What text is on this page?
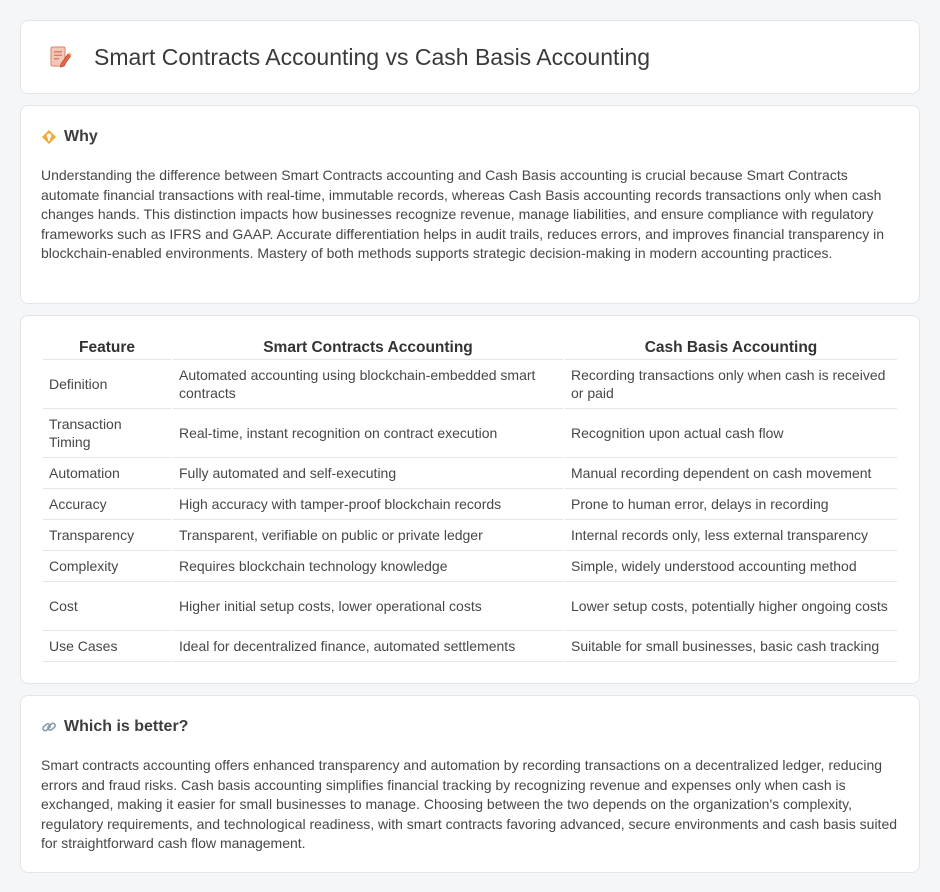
Smart Contracts Accounting vs Cash Basis Accounting
Why

Understanding the difference between Smart Contracts accounting and Cash Basis accounting is crucial because Smart Contracts automate financial transactions with real-time, immutable records, whereas Cash Basis accounting records transactions only when cash changes hands. This distinction impacts how businesses recognize revenue, manage liabilities, and ensure compliance with regulatory frameworks such as IFRS and GAAP. Accurate differentiation helps in audit trails, reduces errors, and improves financial transparency in blockchain-enabled environments. Mastery of both methods supports strategic decision-making in modern accounting practices.

Feature	Smart Contracts Accounting	Cash Basis Accounting
Definition	Automated accounting using blockchain-embedded smart contracts	Recording transactions only when cash is received or paid
Transaction Timing	Real-time, instant recognition on contract execution	Recognition upon actual cash flow
Automation	Fully automated and self-executing	Manual recording dependent on cash movement
Accuracy	High accuracy with tamper-proof blockchain records	Prone to human error, delays in recording
Transparency	Transparent, verifiable on public or private ledger	Internal records only, less external transparency
Complexity	Requires blockchain technology knowledge	Simple, widely understood accounting method
Cost	Higher initial setup costs, lower operational costs	Lower setup costs, potentially higher ongoing costs
Use Cases	Ideal for decentralized finance, automated settlements	Suitable for small businesses, basic cash tracking
Which is better?

Smart contracts accounting offers enhanced transparency and automation by recording transactions on a decentralized ledger, reducing errors and fraud risks. Cash basis accounting simplifies financial tracking by recognizing revenue and expenses only when cash is exchanged, making it easier for small businesses to manage. Choosing between the two depends on the organization's complexity, regulatory requirements, and technological readiness, with smart contracts favoring advanced, secure environments and cash basis suited for straightforward cash flow management.
